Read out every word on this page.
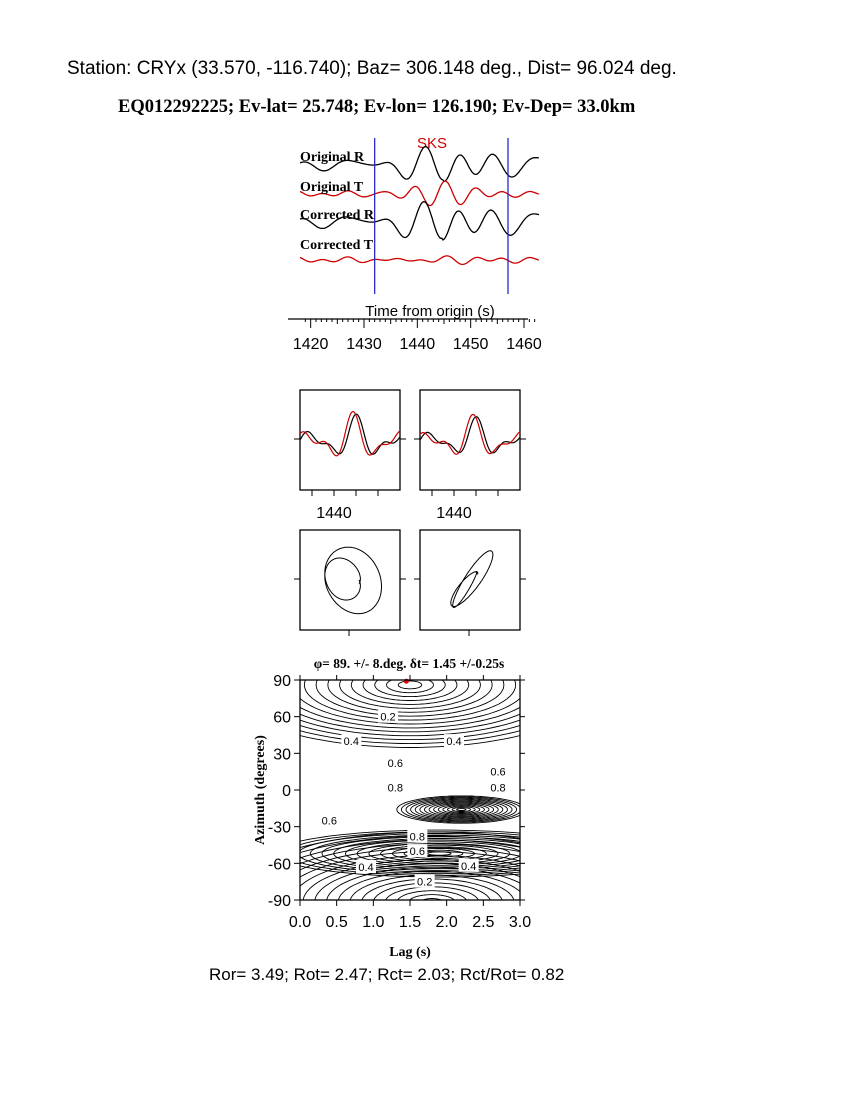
Station: CRYx (33.570, -116.740); Baz= 306.148 deg., Dist= 96.024 deg.
EQ012292225; Ev-lat= 25.748; Ev-lon= 126.190; Ev-Dep= 33.0km
SKS
Original R
Original T
Corrected R
Corrected T
1420 1430 1440 1450 1460
Time from origin (s)
1440	1440
φ= 89. +/- 8.deg. δt= 1.45 +/-0.25s
0.2
0.4	0.4
0.6
0.6
0.8	0.8
0.6
0.8
0.6
0.4	0.4
0.2
0.0 0.5 1.0 1.5 2.0 2.5 3.0
90
60
30
0
-30
-60
-90
Lag (s)
Azimuth (degrees)
Ror= 3.49; Rot= 2.47; Rct= 2.03; Rct/Rot= 0.82
